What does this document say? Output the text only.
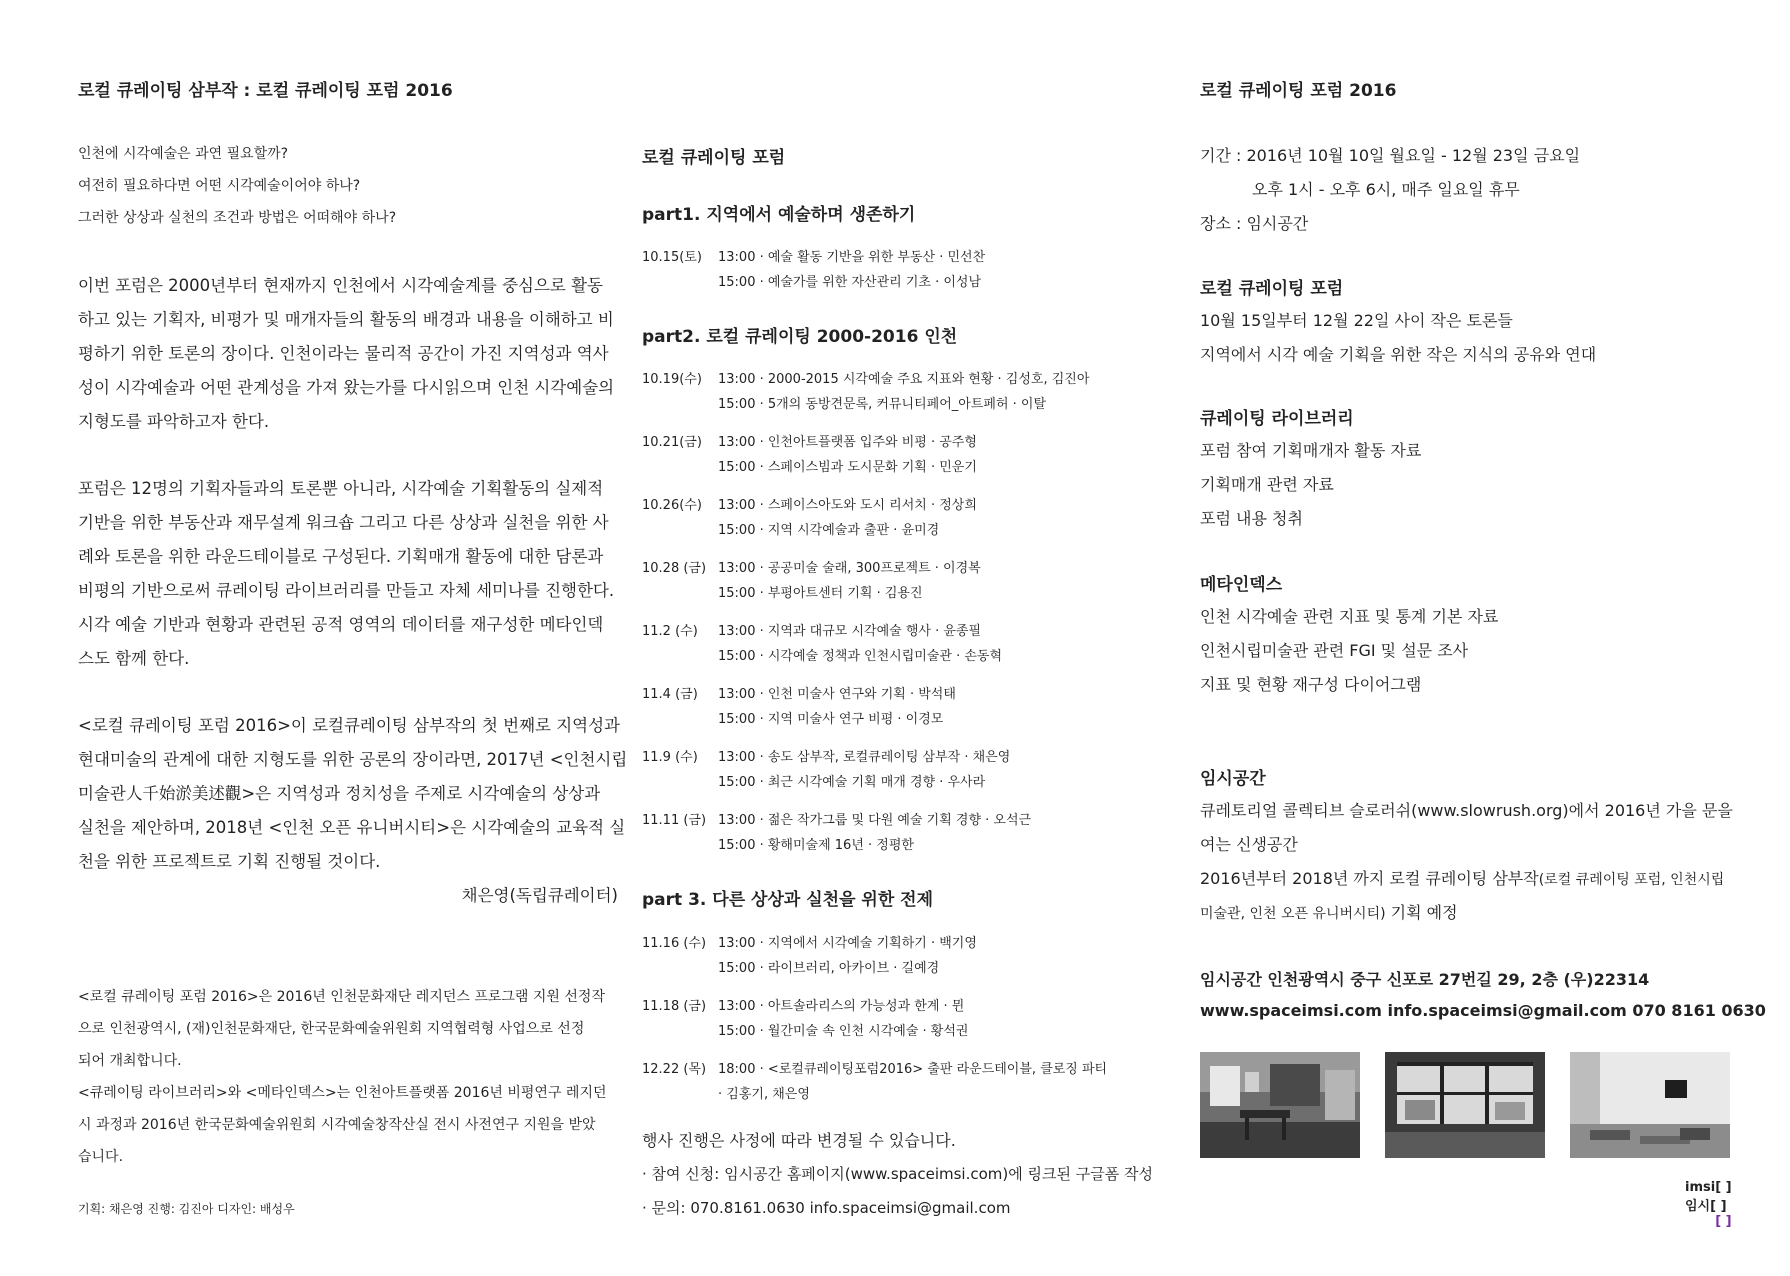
로컬 큐레이팅 삼부작 : 로컬 큐레이팅 포럼 2016
인천에 시각예술은 과연 필요할까?
여전히 필요하다면 어떤 시각예술이어야 하나?
그러한 상상과 실천의 조건과 방법은 어떠해야 하나?
이번 포럼은 2000년부터 현재까지 인천에서 시각예술계를 중심으로 활동
하고 있는 기획자, 비평가 및 매개자들의 활동의 배경과 내용을 이해하고 비
평하기 위한 토론의 장이다. 인천이라는 물리적 공간이 가진 지역성과 역사
성이 시각예술과 어떤 관계성을 가져 왔는가를 다시읽으며 인천 시각예술의
지형도를 파악하고자 한다.
포럼은 12명의 기획자들과의 토론뿐 아니라, 시각예술 기획활동의 실제적
기반을 위한 부동산과 재무설계 워크숍 그리고 다른 상상과 실천을 위한 사
례와 토론을 위한 라운드테이블로 구성된다. 기획매개 활동에 대한 담론과
비평의 기반으로써 큐레이팅 라이브러리를 만들고 자체 세미나를 진행한다.
시각 예술 기반과 현황과 관련된 공적 영역의 데이터를 재구성한 메타인덱
스도 함께 한다.
<로컬 큐레이팅 포럼 2016>이 로컬큐레이팅 삼부작의 첫 번째로 지역성과
현대미술의 관계에 대한 지형도를 위한 공론의 장이라면, 2017년 <인천시립
미술관人千始淤美述觀>은 지역성과 정치성을 주제로 시각예술의 상상과
실천을 제안하며, 2018년 <인천 오픈 유니버시티>은 시각예술의 교육적 실
천을 위한 프로젝트로 기획 진행될 것이다.
채은영(독립큐레이터)
<로컬 큐레이팅 포럼 2016>은 2016년 인천문화재단 레지던스 프로그램 지원 선정작
으로 인천광역시, (재)인천문화재단, 한국문화예술위원회 지역협력형 사업으로 선정
되어 개최합니다.
<큐레이팅 라이브러리>와 <메타인덱스>는 인천아트플랫폼 2016년 비평연구 레지던
시 과정과 2016년 한국문화예술위원회 시각예술창작산실 전시 사전연구 지원을 받았
습니다.
기획: 채은영 진행: 김진아 디자인: 배성우
로컬 큐레이팅 포럼
part1. 지역에서 예술하며 생존하기
10.15(토) 13:00 · 예술 활동 기반을 위한 부동산 · 민선찬
15:00 · 예술가를 위한 자산관리 기초 · 이성남
part2. 로컬 큐레이팅 2000-2016 인천
10.19(수) 13:00 · 2000-2015 시각예술 주요 지표와 현황 · 김성호, 김진아
15:00 · 5개의 동방견문록, 커뮤니티페어_아트페허 · 이탈
10.21(금) 13:00 · 인천아트플랫폼 입주와 비평 · 공주형
15:00 · 스페이스빔과 도시문화 기획 · 민운기
10.26(수) 13:00 · 스페이스아도와 도시 리서치 · 정상희
15:00 · 지역 시각예술과 출판 · 윤미경
10.28 (금) 13:00 · 공공미술 술래, 300프로젝트 · 이경복
15:00 · 부평아트센터 기획 · 김용진
11.2 (수) 13:00 · 지역과 대규모 시각예술 행사 · 윤종필
15:00 · 시각예술 정책과 인천시립미술관 · 손동혁
11.4 (금) 13:00 · 인천 미술사 연구와 기획 · 박석태
15:00 · 지역 미술사 연구 비평 · 이경모
11.9 (수) 13:00 · 송도 삼부작, 로컬큐레이팅 삼부작 · 채은영
15:00 · 최근 시각예술 기획 매개 경향 · 우사라
11.11 (금) 13:00 · 젊은 작가그룹 및 다원 예술 기획 경향 · 오석근
15:00 · 황해미술제 16년 · 정평한
part 3. 다른 상상과 실천을 위한 전제
11.16 (수) 13:00 · 지역에서 시각예술 기획하기 · 백기영
15:00 · 라이브러리, 아카이브 · 길예경
11.18 (금) 13:00 · 아트솔라리스의 가능성과 한계 · 뮌
15:00 · 월간미술 속 인천 시각예술 · 황석권
12.22 (목) 18:00 · <로컬큐레이팅포럼2016> 출판 라운드테이블, 클로징 파티
· 김홍기, 채은영
행사 진행은 사정에 따라 변경될 수 있습니다.
· 참여 신청: 임시공간 홈페이지(www.spaceimsi.com)에 링크된 구글폼 작성
· 문의: 070.8161.0630 info.spaceimsi@gmail.com
로컬 큐레이팅 포럼 2016
기간 : 2016년 10월 10일 월요일 - 12월 23일 금요일
오후 1시 - 오후 6시, 매주 일요일 휴무
장소 : 임시공간
로컬 큐레이팅 포럼
10월 15일부터 12월 22일 사이 작은 토론들
지역에서 시각 예술 기획을 위한 작은 지식의 공유와 연대
큐레이팅 라이브러리
포럼 참여 기획매개자 활동 자료
기획매개 관련 자료
포럼 내용 청취
메타인덱스
인천 시각예술 관련 지표 및 통계 기본 자료
인천시립미술관 관련 FGI 및 설문 조사
지표 및 현황 재구성 다이어그램
임시공간
큐레토리얼 콜렉티브 슬로러쉬(www.slowrush.org)에서 2016년 가을 문을
여는 신생공간
2016년부터 2018년 까지 로컬 큐레이팅 삼부작(로컬 큐레이팅 포럼, 인천시립
미술관, 인천 오픈 유니버시티) 기획 예정
임시공간 인천광역시 중구 신포로 27번길 29, 2층 (우)22314
www.spaceimsi.com info.spaceimsi@gmail.com 070 8161 0630
imsi[ ]
임시[ ]
[ ]
